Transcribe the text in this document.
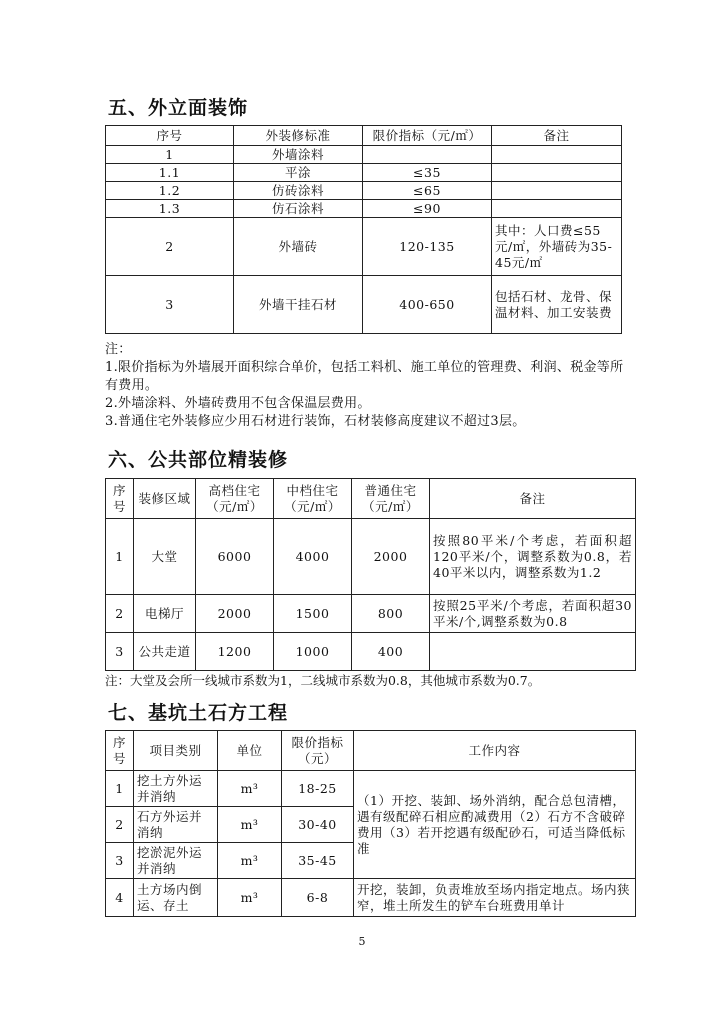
五、外立面装饰
序号	外装修标准	限价指标（元/㎡）	备注
1	外墙涂料		
1.1	平涂	≤35	
1.2	仿砖涂料	≤65	
1.3	仿石涂料	≤90	
2	外墙砖	120-135	其中：人口费≤55元/㎡，外墙砖为35-45元/㎡
3	外墙干挂石材	400-650	包括石材、龙骨、保温材料、加工安装费
注：
1.限价指标为外墙展开面积综合单价，包括工料机、施工单位的管理费、利润、税金等所有费用。
2.外墙涂料、外墙砖费用不包含保温层费用。
3.普通住宅外装修应少用石材进行装饰，石材装修高度建议不超过3层。
六、公共部位精装修
序号	装修区域	高档住宅（元/㎡）	中档住宅（元/㎡）	普通住宅（元/㎡）	备注
1	大堂	6000	4000	2000	按照80平米/个考虑，若面积超120平米/个，调整系数为0.8，若40平米以内，调整系数为1.2
2	电梯厅	2000	1500	800	按照25平米/个考虑，若面积超30平米/个,调整系数为0.8
3	公共走道	1200	1000	400	
注：大堂及会所一线城市系数为1，二线城市系数为0.8，其他城市系数为0.7。
七、基坑土石方工程
序号	项目类别	单位	限价指标（元）	工作内容
1	挖土方外运并消纳	m³	18-25	（1）开挖、装卸、场外消纳，配合总包清槽，遇有级配碎石相应酌减费用（2）石方不含破碎费用（3）若开挖遇有级配砂石，可适当降低标准
2	石方外运并消纳	m³	30-40	
3	挖淤泥外运并消纳	m³	35-45	
4	土方场内倒运、存土	m³	6-8	开挖，装卸，负责堆放至场内指定地点。场内狭窄，堆土所发生的铲车台班费用单计
5
